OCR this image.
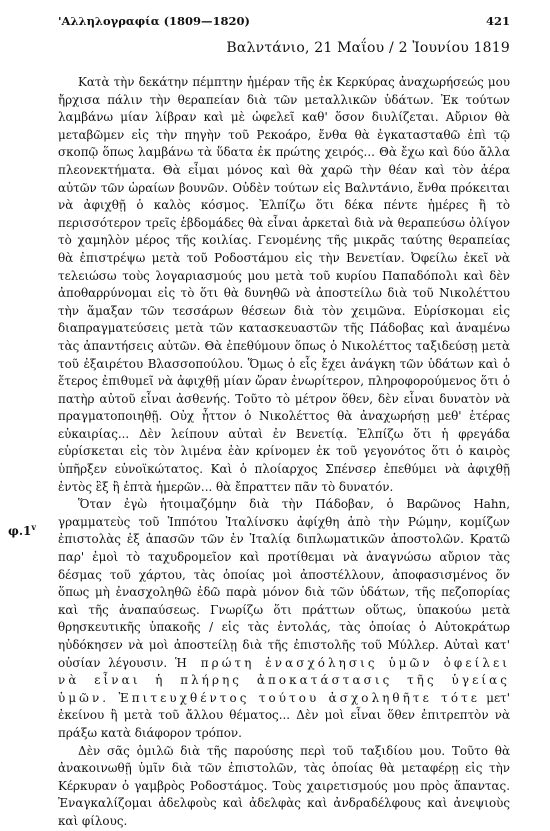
'Αλληλογραφία (1809—1820)	421
Βαλντάνιο, 21 Μαΐου / 2 Ἰουνίου 1819
φ.1$^v$

Κατὰ τὴν δεκάτην πέμπτην ἡμέραν τῆς ἐκ Κερκύρας ἀναχωρήσεώς μου ἤρχισα πάλιν τὴν θεραπείαν διὰ τῶν μεταλλικῶν ὑδάτων. Ἐκ τούτων λαμβάνω μίαν λίβραν καὶ μὲ ὠφελεῖ καθ' ὅσον διυλίζεται. Αὔριον θὰ μεταβῶμεν εἰς τὴν πηγὴν τοῦ Ρεκοάρο, ἔνθα θὰ ἐγκατασταθῶ ἐπὶ τῷ σκοπῷ ὅπως λαμβάνω τὰ ὕδατα ἐκ πρώτης χειρός... Θὰ ἔχω καὶ δύο ἄλλα πλεονεκτήματα. Θὰ εἶμαι μόνος καὶ θὰ χαρῶ τὴν θέαν καὶ τὸν ἀέρα αὐτῶν τῶν ὡραίων βουνῶν. Οὐδὲν τούτων εἰς Βαλντάνιο, ἔνθα πρόκειται νὰ ἀφιχθῇ ὁ καλὸς κόσμος. Ἐλπίζω ὅτι δέκα πέντε ἡμέρες ἢ τὸ περισσότερον τρεῖς ἑβδομάδες θὰ εἶναι ἀρκεταὶ διὰ νὰ θεραπεύσω ὀλίγον τὸ χαμηλὸν μέρος τῆς κοιλίας. Γενομένης τῆς μικρᾶς ταύτης θεραπείας θὰ ἐπιστρέψω μετὰ τοῦ Ροδοστάμου εἰς τὴν Βενετίαν. Ὀφείλω ἐκεῖ νὰ τελειώσω τοὺς λογαριασμούς μου μετὰ τοῦ κυρίου Παπαδόπολι καὶ δὲν ἀποθαρρύνομαι εἰς τὸ ὅτι θὰ δυνηθῶ νὰ ἀποστείλω διὰ τοῦ Νικολέττου τὴν ἅμαξαν τῶν τεσσάρων θέσεων διὰ τὸν χειμῶνα. Εὑρίσκομαι εἰς διαπραγματεύσεις μετὰ τῶν κατασκευαστῶν τῆς Πάδοβας καὶ ἀναμένω τὰς ἀπαντήσεις αὐτῶν. Θὰ ἐπεθύμουν ὅπως ὁ Νικολέττος ταξιδεύσῃ μετὰ τοῦ ἐξαιρέτου Βλασσοπούλου. Ὅμως ὁ εἷς ἔχει ἀνάγκη τῶν ὑδάτων καὶ ὁ ἕτερος ἐπιθυμεῖ νὰ ἀφιχθῇ μίαν ὥραν ἐνωρίτερον, πληροφορούμενος ὅτι ὁ πατὴρ αὐτοῦ εἶναι ἀσθενής. Τοῦτο τὸ μέτρον ὅθεν, δὲν εἶναι δυνατὸν νὰ πραγματοποιηθῇ. Οὐχ ἧττον ὁ Νικολέττος θὰ ἀναχωρήσῃ μεθ' ἑτέρας εὐκαιρίας... Δὲν λείπουν αὐταὶ ἐν Βενετίᾳ. Ἐλπίζω ὅτι ἡ φρεγάδα εὑρίσκεται εἰς τὸν λιμένα ἐὰν κρίνομεν ἐκ τοῦ γεγονότος ὅτι ὁ καιρὸς ὑπῆρξεν εὐνοϊκώτατος. Καὶ ὁ πλοίαρχος Σπένσερ ἐπεθύμει νὰ ἀφιχθῇ ἐντὸς ἓξ ἢ ἑπτὰ ἡμερῶν... θὰ ἔπραττεν πᾶν τὸ δυνατόν.

Ὅταν ἐγὼ ἡτοιμαζόμην διὰ τὴν Πάδοβαν, ὁ Βαρῶνος Hahn, γραμματεὺς τοῦ Ἱππότου Ἰταλίνσκυ ἀφίχθη ἀπὸ τὴν Ρώμην, κομίζων ἐπιστολὰς ἐξ ἁπασῶν τῶν ἐν Ἰταλίᾳ διπλωματικῶν ἀποστολῶν. Κρατῶ παρ' ἐμοὶ τὸ ταχυδρομεῖον καὶ προτίθεμαι νὰ ἀναγνώσω αὔριον τὰς δέσμας τοῦ χάρτου, τὰς ὁποίας μοὶ ἀποστέλλουν, ἀποφασισμένος ὅν ὅπως μὴ ἐνασχοληθῶ ἐδῶ παρὰ μόνον διὰ τῶν ὑδάτων, τῆς πεζοπορίας καὶ τῆς ἀναπαύσεως. Γνωρίζω ὅτι πράττων οὕτως, ὑπακούω μετὰ θρησκευτικῆς ὑπακοῆς / εἰς τὰς ἐντολάς, τὰς ὁποίας ὁ Αὐτοκράτωρ ηὐδόκησεν νὰ μοὶ ἀποστείλῃ διὰ τῆς ἐπιστολῆς τοῦ Μύλλερ. Αὐταὶ κατ' οὐσίαν λέγουσιν. Ἡ πρώτη ἐνασχόλησις ὑμῶν ὀφείλει νὰ εἶναι ἡ πλήρης ἀποκατάστασις τῆς ὑγείας ὑμῶν. Ἐπιτευχθέντος τούτου ἀσχοληθῆτε τότε μετ' ἐκείνου ἢ μετὰ τοῦ ἄλλου θέματος... Δὲν μοὶ εἶναι ὅθεν ἐπιτρεπτὸν νὰ πράξω κατὰ διάφορον τρόπον.

Δὲν σᾶς ὁμιλῶ διὰ τῆς παρούσης περὶ τοῦ ταξιδίου μου. Τοῦτο θὰ ἀνακοινωθῇ ὑμῖν διὰ τῶν ἐπιστολῶν, τὰς ὁποίας θὰ μεταφέρῃ εἰς τὴν Κέρκυραν ὁ γαμβρὸς Ροδοστάμος. Τοὺς χαιρετισμούς μου πρὸς ἅπαντας. Ἐναγκαλίζομαι ἀδελφοὺς καὶ ἀδελφὰς καὶ ἀνδραδέλφους καὶ ἀνεψιοὺς καὶ φίλους.
